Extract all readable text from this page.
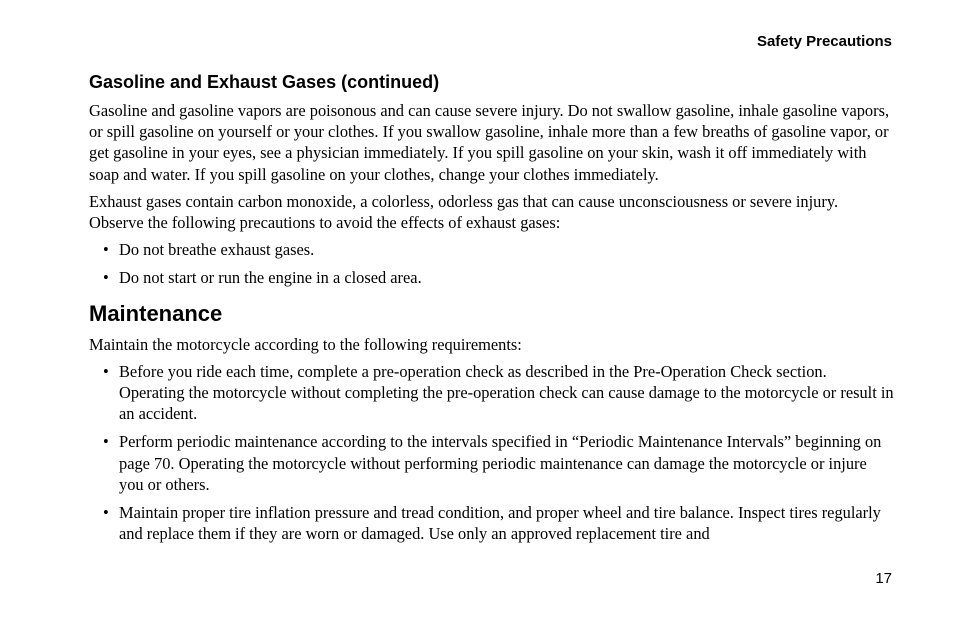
Safety Precautions
Gasoline and Exhaust Gases (continued)

Gasoline and gasoline vapors are poisonous and can cause severe injury. Do not swallow gasoline, inhale gasoline vapors, or spill gasoline on yourself or your clothes. If you swallow gasoline, inhale more than a few breaths of gasoline vapor, or get gasoline in your eyes, see a physician immediately. If you spill gasoline on your skin, wash it off immediately with soap and water. If you spill gasoline on your clothes, change your clothes immediately.

Exhaust gases contain carbon monoxide, a colorless, odorless gas that can cause unconsciousness or severe injury. Observe the following precautions to avoid the effects of exhaust gases:

• Do not breathe exhaust gases.
• Do not start or run the engine in a closed area.
Maintenance

Maintain the motorcycle according to the following requirements:

• Before you ride each time, complete a pre-operation check as described in the Pre-Operation Check section. Operating the motorcycle without completing the pre-operation check can cause damage to the motorcycle or result in an accident.
• Perform periodic maintenance according to the intervals specified in “Periodic Maintenance Intervals” beginning on page 70. Operating the motorcycle without performing periodic maintenance can damage the motorcycle or injure you or others.
• Maintain proper tire inflation pressure and tread condition, and proper wheel and tire balance. Inspect tires regularly and replace them if they are worn or damaged. Use only an approved replacement tire and
17
